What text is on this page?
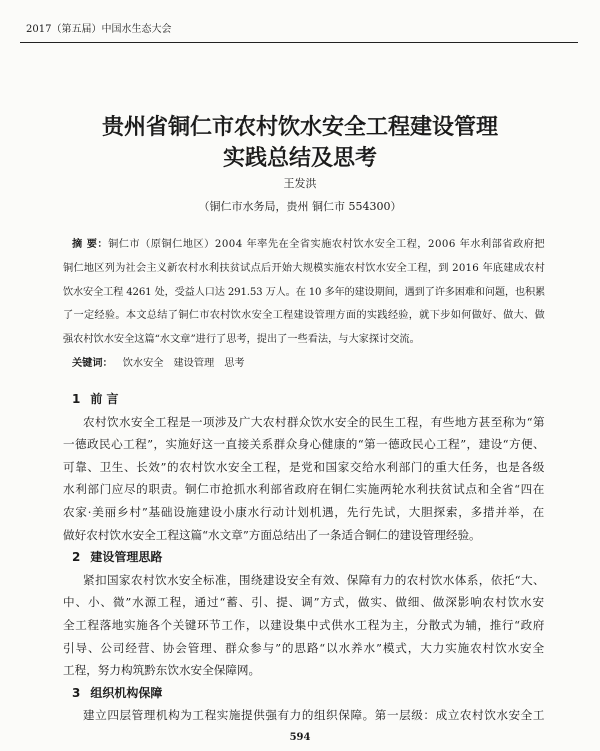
2017（第五届）中国水生态大会
贵州省铜仁市农村饮水安全工程建设管理
实践总结及思考
王发洪
（铜仁市水务局，贵州 铜仁市 554300）
摘 要：铜仁市（原铜仁地区）2004 年率先在全省实施农村饮水安全工程，2006 年水利部省政府把
铜仁地区列为社会主义新农村水利扶贫试点后开始大规模实施农村饮水安全工程，到 2016 年底建成农村
饮水安全工程 4261 处，受益人口达 291.53 万人。在 10 多年的建设期间，遇到了许多困难和问题，也积累
了一定经验。本文总结了铜仁市农村饮水安全工程建设管理方面的实践经验，就下步如何做好、做大、做
强农村饮水安全这篇“水文章”进行了思考，提出了一些看法，与大家探讨交流。
关键词： 饮水安全 建设管理 思考
1 前 言
农村饮水安全工程是一项涉及广大农村群众饮水安全的民生工程，有些地方甚至称为“第
一德政民心工程”，实施好这一直接关系群众身心健康的“第一德政民心工程”，建设“方便、
可靠、卫生、长效”的农村饮水安全工程，是党和国家交给水利部门的重大任务，也是各级
水利部门应尽的职责。铜仁市抢抓水利部省政府在铜仁实施两轮水利扶贫试点和全省“四在
农家·美丽乡村”基础设施建设小康水行动计划机遇，先行先试，大胆探索，多措并举，在
做好农村饮水安全工程这篇“水文章”方面总结出了一条适合铜仁的建设管理经验。
2 建设管理思路
紧扣国家农村饮水安全标准，围绕建设安全有效、保障有力的农村饮水体系，依托“大、
中、小、微”水源工程，通过“蓄、引、提、调”方式，做实、做细、做深影响农村饮水安
全工程落地实施各个关键环节工作，以建设集中式供水工程为主，分散式为辅，推行“政府
引导、公司经营、协会管理、群众参与”的思路“以水养水”模式，大力实施农村饮水安全
工程，努力构筑黔东饮水安全保障网。
3 组织机构保障
建立四层管理机构为工程实施提供强有力的组织保障。第一层级：成立农村饮水安全工
594
